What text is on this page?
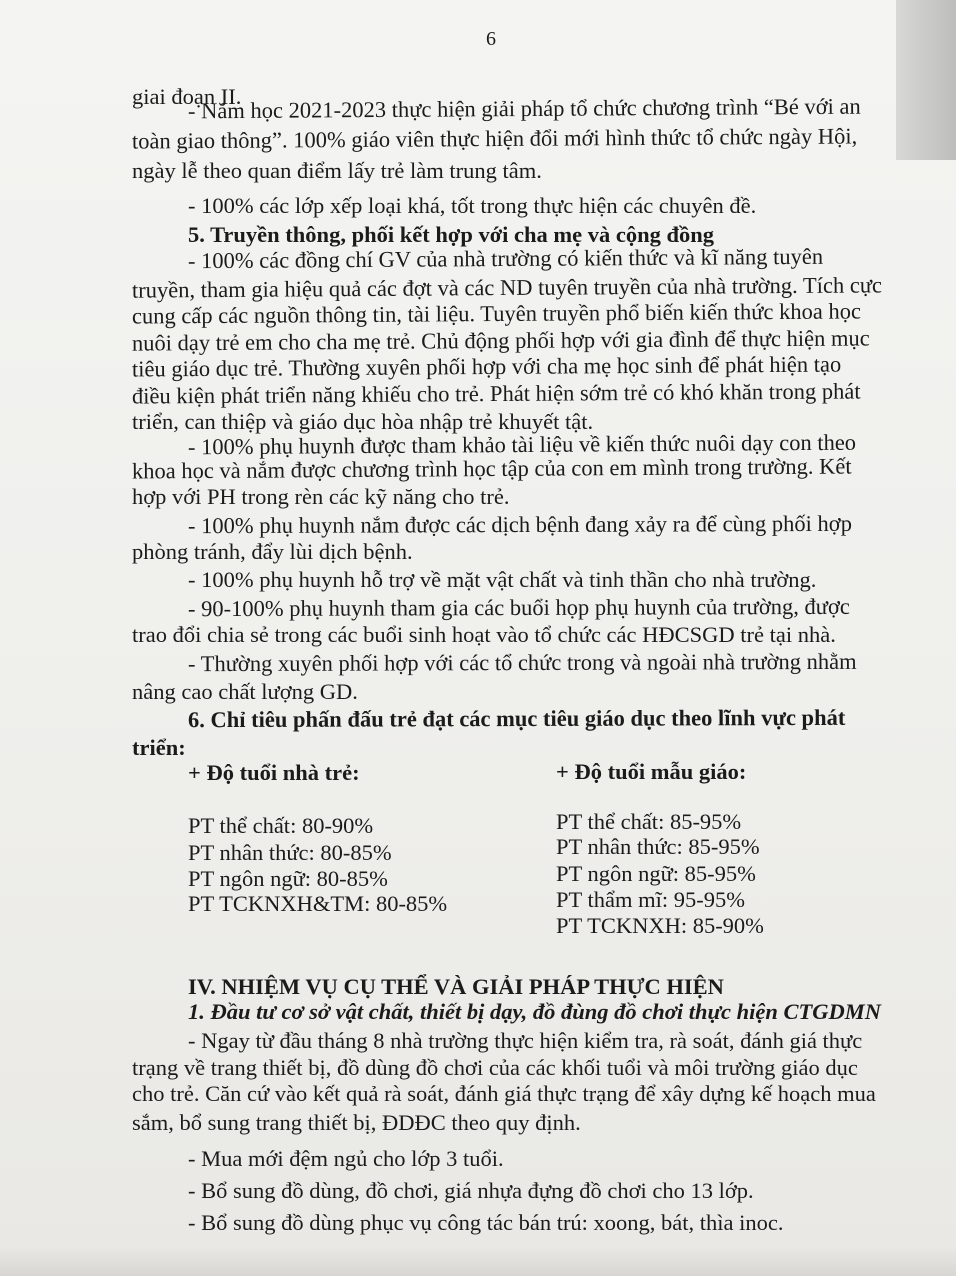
6
giai đoạn II.
- Năm học 2021-2023 thực hiện giải pháp tổ chức chương trình “Bé với an
toàn giao thông”. 100% giáo viên thực hiện đổi mới hình thức tổ chức ngày Hội,
ngày lễ theo quan điểm lấy trẻ làm trung tâm.
- 100% các lớp xếp loại khá, tốt trong thực hiện các chuyên đề.
5. Truyền thông, phối kết hợp với cha mẹ và cộng đồng
- 100% các đồng chí GV của nhà trường có kiến thức và kĩ năng tuyên
truyền, tham gia hiệu quả các đợt và các ND tuyên truyền của nhà trường. Tích cực
cung cấp các nguồn thông tin, tài liệu. Tuyên truyền phổ biến kiến thức khoa học
nuôi dạy trẻ em cho cha mẹ trẻ. Chủ động phối hợp với gia đình để thực hiện mục
tiêu giáo dục trẻ. Thường xuyên phối hợp với cha mẹ học sinh để phát hiện tạo
điều kiện phát triển năng khiếu cho trẻ. Phát hiện sớm trẻ có khó khăn trong phát
triển, can thiệp và giáo dục hòa nhập trẻ khuyết tật.
- 100% phụ huynh được tham khảo tài liệu về kiến thức nuôi dạy con theo
khoa học và nắm được chương trình học tập của con em mình trong trường. Kết
hợp với PH trong rèn các kỹ năng cho trẻ.
- 100% phụ huynh nắm được các dịch bệnh đang xảy ra để cùng phối hợp
phòng tránh, đẩy lùi dịch bệnh.
- 100% phụ huynh hỗ trợ về mặt vật chất và tinh thần cho nhà trường.
- 90-100% phụ huynh tham gia các buổi họp phụ huynh của trường, được
trao đổi chia sẻ trong các buổi sinh hoạt vào tổ chức các HĐCSGD trẻ tại nhà.
- Thường xuyên phối hợp với các tổ chức trong và ngoài nhà trường nhằm
nâng cao chất lượng GD.
6. Chỉ tiêu phấn đấu trẻ đạt các mục tiêu giáo dục theo lĩnh vực phát
triển:
+ Độ tuổi nhà trẻ:	+ Độ tuổi mẫu giáo:
PT thể chất: 80-90%
PT nhân thức: 80-85%
PT ngôn ngữ: 80-85%
PT TCKNXH&TM: 80-85%
PT thể chất: 85-95%
PT nhân thức: 85-95%
PT ngôn ngữ: 85-95%
PT thẩm mĩ: 95-95%
PT TCKNXH: 85-90%
IV. NHIỆM VỤ CỤ THỂ VÀ GIẢI PHÁP THỰC HIỆN
1. Đầu tư cơ sở vật chất, thiết bị dạy, đồ đùng đồ chơi thực hiện CTGDMN
- Ngay từ đầu tháng 8 nhà trường thực hiện kiểm tra, rà soát, đánh giá thực
trạng về trang thiết bị, đồ dùng đồ chơi của các khối tuổi và môi trường giáo dục
cho trẻ. Căn cứ vào kết quả rà soát, đánh giá thực trạng để xây dựng kế hoạch mua
sắm, bổ sung trang thiết bị, ĐDĐC theo quy định.
- Mua mới đệm ngủ cho lớp 3 tuổi.
- Bổ sung đồ dùng, đồ chơi, giá nhựa đựng đồ chơi cho 13 lớp.
- Bổ sung đồ dùng phục vụ công tác bán trú: xoong, bát, thìa inoc.
